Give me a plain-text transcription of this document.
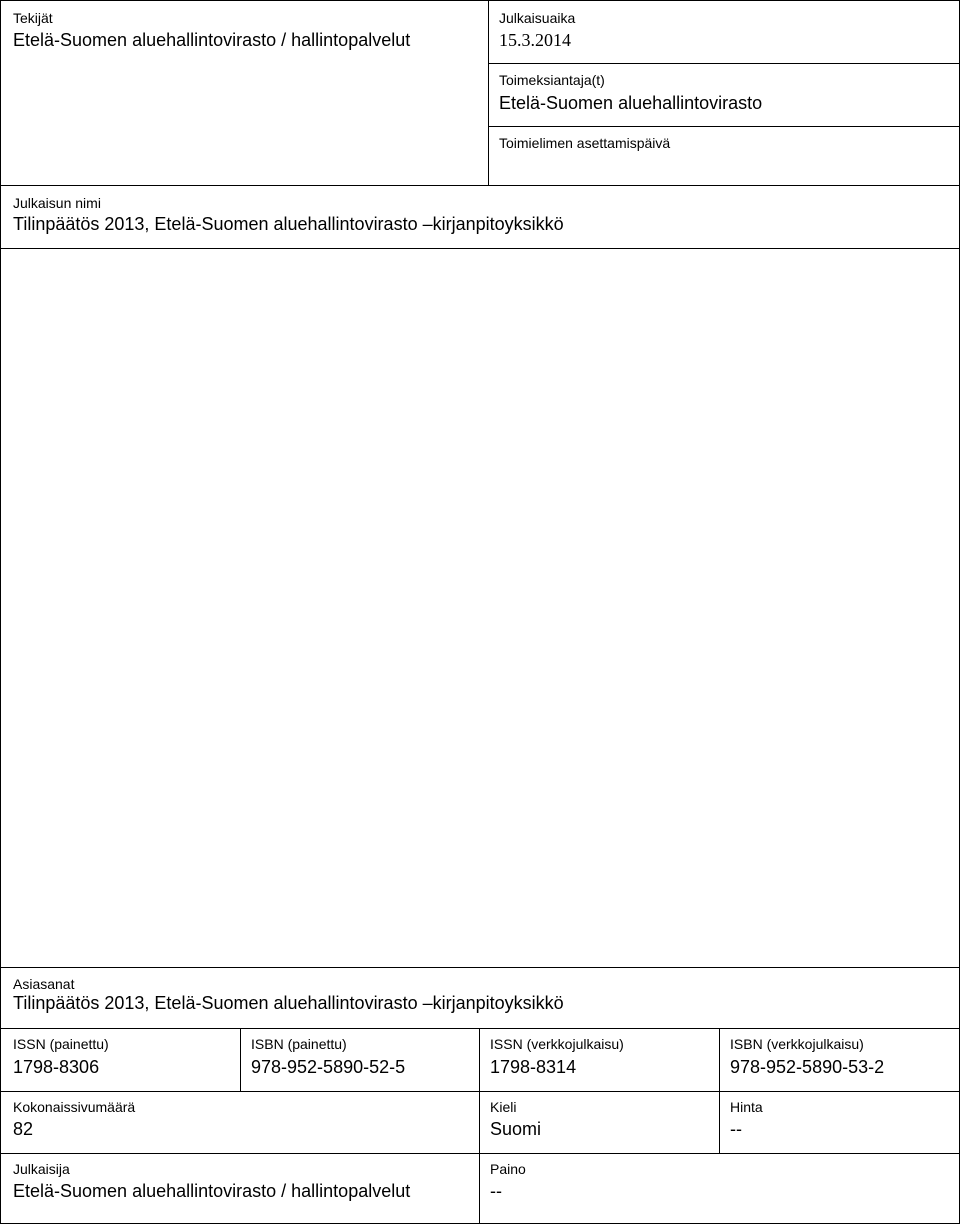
Tekijät
Etelä-Suomen aluehallintovirasto / hallintopalvelut
Julkaisuaika
15.3.2014
Toimeksiantaja(t)
Etelä-Suomen aluehallintovirasto
Toimielimen asettamispäivä
Julkaisun nimi
Tilinpäätös 2013, Etelä-Suomen aluehallintovirasto –kirjanpitoyksikkö
Asiasanat
Tilinpäätös 2013, Etelä-Suomen aluehallintovirasto –kirjanpitoyksikkö
ISSN (painettu)
1798-8306
ISBN (painettu)
978-952-5890-52-5
ISSN (verkkojulkaisu)
1798-8314
ISBN (verkkojulkaisu)
978-952-5890-53-2
Kokonaissivumäärä
82
Kieli
Suomi
Hinta
--
Julkaisija
Etelä-Suomen aluehallintovirasto / hallintopalvelut
Paino
--
